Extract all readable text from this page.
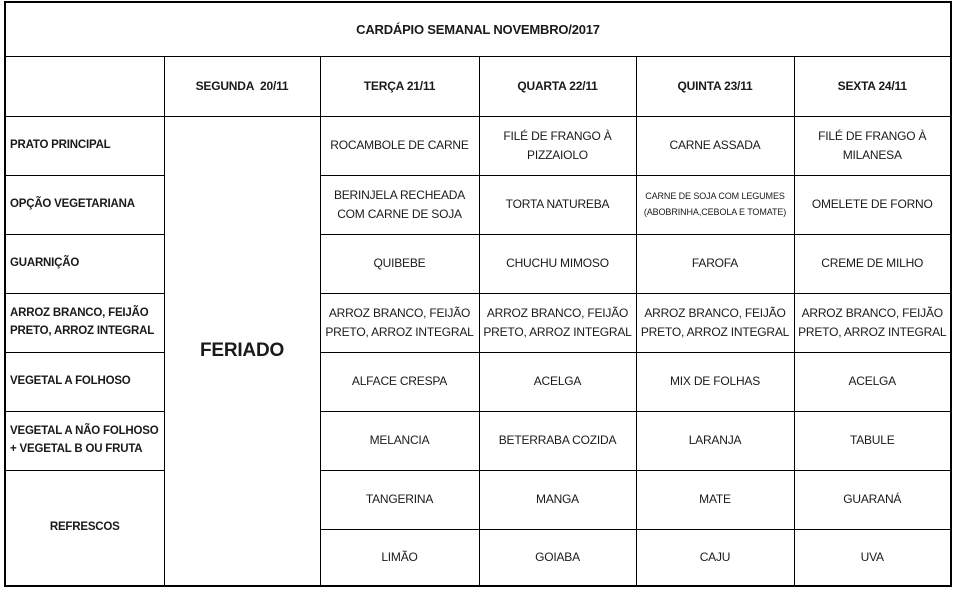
CARDÁPIO SEMANAL NOVEMBRO/2017					
	SEGUNDA  20/11	TERÇA 21/11	QUARTA 22/11	QUINTA 23/11	SEXTA 24/11
PRATO PRINCIPAL	FERIADO	ROCAMBOLE DE CARNE	FILÉ DE FRANGO À PIZZAIOLO	CARNE ASSADA	FILÉ DE FRANGO À MILANESA
OPÇÃO VEGETARIANA		BERINJELA RECHEADA COM CARNE DE SOJA	TORTA NATUREBA	CARNE DE SOJA COM LEGUMES (ABOBRINHA,CEBOLA E TOMATE)	OMELETE DE FORNO
GUARNIÇÃO		QUIBEBE	CHUCHU MIMOSO	FAROFA	CREME DE MILHO
ARROZ BRANCO, FEIJÃO PRETO, ARROZ INTEGRAL		ARROZ BRANCO, FEIJÃO PRETO, ARROZ INTEGRAL	ARROZ BRANCO, FEIJÃO PRETO, ARROZ INTEGRAL	ARROZ BRANCO, FEIJÃO PRETO, ARROZ INTEGRAL	ARROZ BRANCO, FEIJÃO PRETO, ARROZ INTEGRAL
VEGETAL A FOLHOSO		ALFACE CRESPA	ACELGA	MIX DE FOLHAS	ACELGA
VEGETAL A NÃO FOLHOSO + VEGETAL B OU FRUTA		MELANCIA	BETERRABA COZIDA	LARANJA	TABULE
REFRESCOS		TANGERINA	MANGA	MATE	GUARANÁ
		LIMÃO	GOIABA	CAJU	UVA
